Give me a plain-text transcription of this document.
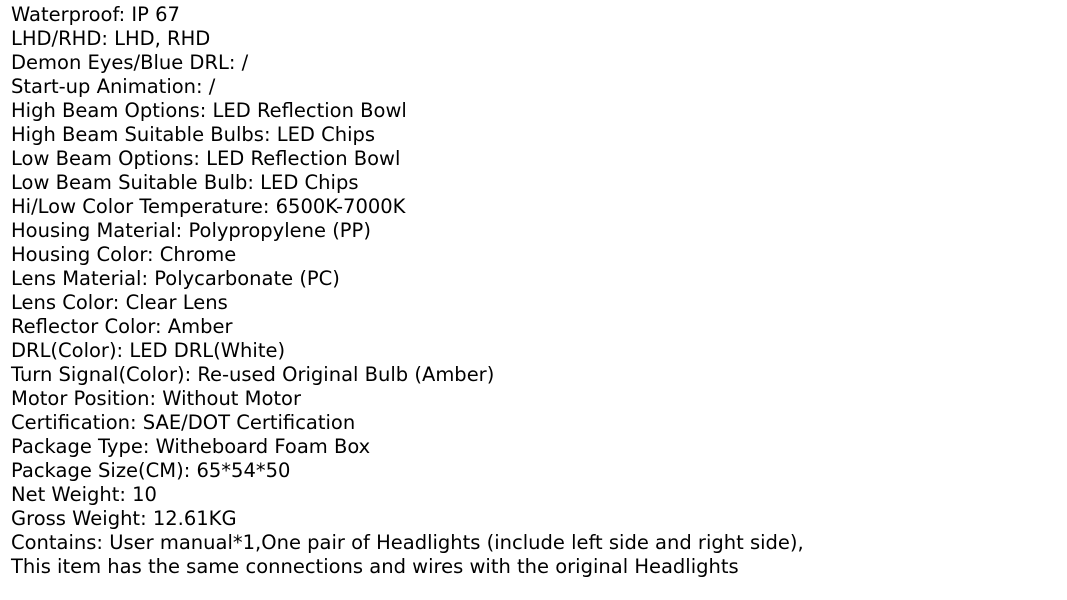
Waterproof: IP 67
LHD/RHD: LHD, RHD
Demon Eyes/Blue DRL: /
Start-up Animation: /
High Beam Options: LED Reflection Bowl
High Beam Suitable Bulbs: LED Chips
Low Beam Options: LED Reflection Bowl
Low Beam Suitable Bulb: LED Chips
Hi/Low Color Temperature: 6500K-7000K
Housing Material: Polypropylene (PP)
Housing Color: Chrome
Lens Material: Polycarbonate (PC)
Lens Color: Clear Lens
Reflector Color: Amber
DRL(Color): LED DRL(White)
Turn Signal(Color): Re-used Original Bulb (Amber)
Motor Position: Without Motor
Certification: SAE/DOT Certification
Package Type: Witheboard Foam Box
Package Size(CM): 65*54*50
Net Weight: 10
Gross Weight: 12.61KG
Contains: User manual*1,One pair of Headlights (include left side and right side),
This item has the same connections and wires with the original Headlights
